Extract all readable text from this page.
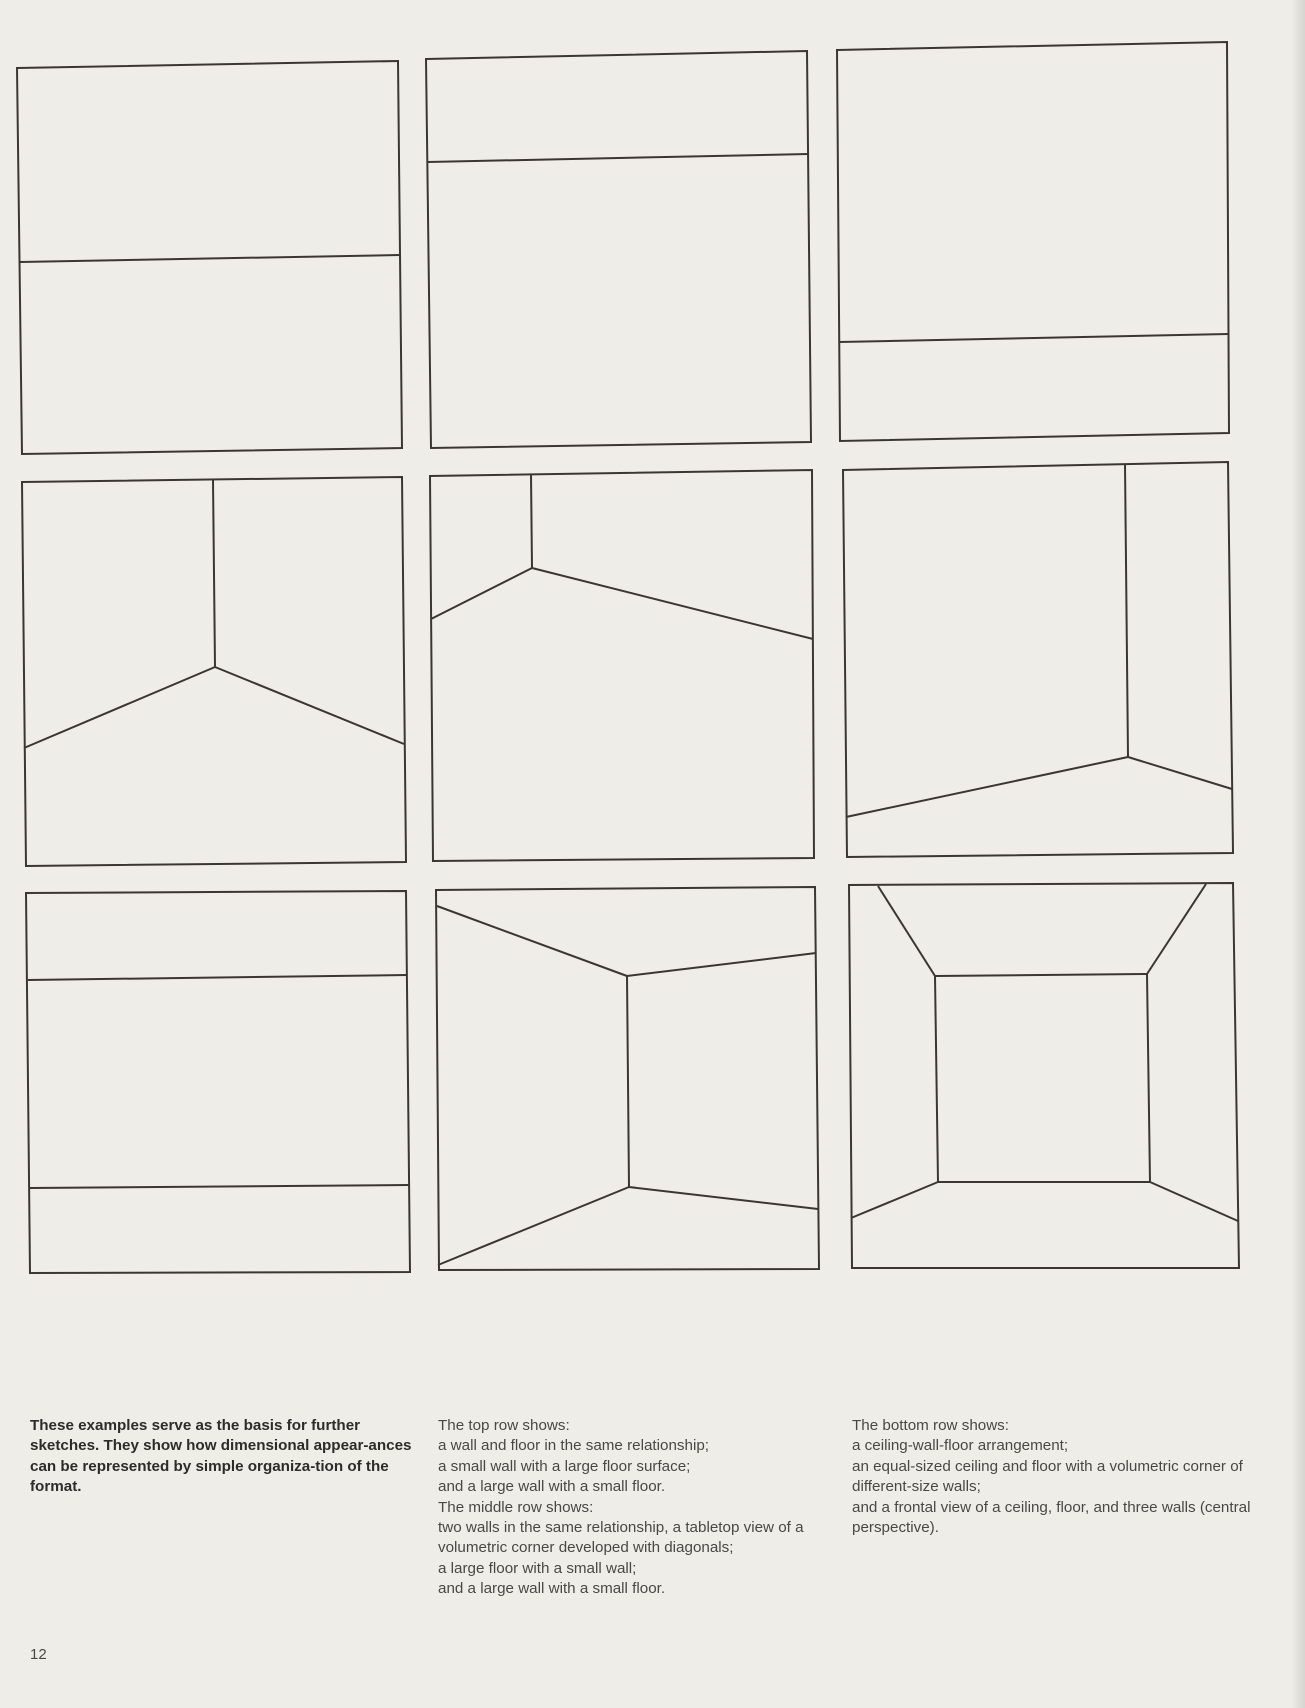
These examples serve as the basis for further sketches. They show how dimensional appear-ances can be represented by simple organiza-tion of the format.

The top row shows:

a wall and floor in the same relationship;

a small wall with a large floor surface;

and a large wall with a small floor.

The middle row shows:

two walls in the same relationship, a tabletop view of a volumetric corner developed with diagonals;

a large floor with a small wall;

and a large wall with a small floor.

The bottom row shows:

a ceiling-wall-floor arrangement;

an equal-sized ceiling and floor with a volumetric corner of different-size walls;

and a frontal view of a ceiling, floor, and three walls (central perspective).

12
